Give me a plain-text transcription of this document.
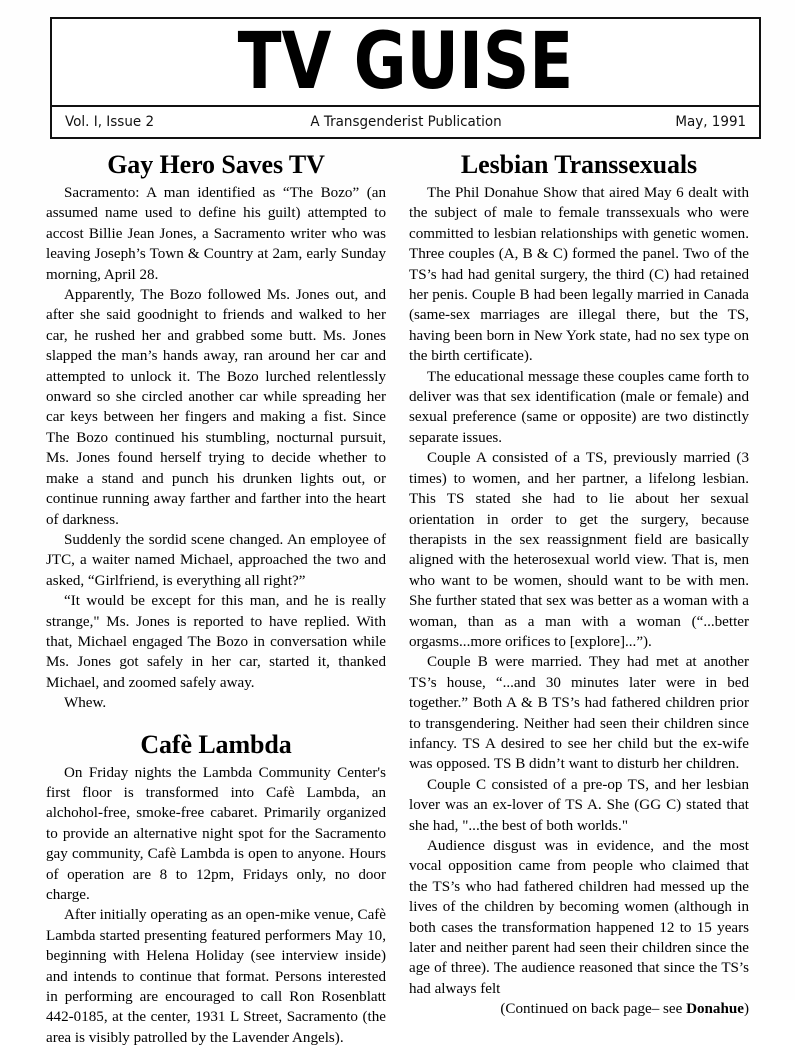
TV GUISE
Vol. I, Issue 2	A Transgenderist Publication	May, 1991
Gay Hero Saves TV

Sacramento: A man identified as “The Bozo” (an assumed name used to define his guilt) attempted to accost Billie Jean Jones, a Sacramento writer who was leaving Joseph’s Town & Country at 2am, early Sunday morning, April 28.

Apparently, The Bozo followed Ms. Jones out, and after she said goodnight to friends and walked to her car, he rushed her and grabbed some butt. Ms. Jones slapped the man’s hands away, ran around her car and attempted to unlock it. The Bozo lurched relentlessly onward so she circled another car while spreading her car keys between her fingers and making a fist. Since The Bozo continued his stumbling, nocturnal pursuit, Ms. Jones found herself trying to decide whether to make a stand and punch his drunken lights out, or continue running away farther and farther into the heart of darkness.

Suddenly the sordid scene changed. An employee of JTC, a waiter named Michael, approached the two and asked, “Girlfriend, is everything all right?”

“It would be except for this man, and he is really strange," Ms. Jones is reported to have replied. With that, Michael engaged The Bozo in conversation while Ms. Jones got safely in her car, started it, thanked Michael, and zoomed safely away.

Whew.

Cafè Lambda

On Friday nights the Lambda Community Center's first floor is transformed into Cafè Lambda, an alchohol-free, smoke-free cabaret. Primarily organized to provide an alternative night spot for the Sacramento gay community, Cafè Lambda is open to anyone. Hours of operation are 8 to 12pm, Fridays only, no door charge.

After initially operating as an open-mike venue, Cafè Lambda started presenting featured performers May 10, beginning with Helena Holiday (see interview inside) and intends to continue that format. Persons interested in performing are encouraged to call Ron Rosenblatt 442-0185, at the center, 1931 L Street, Sacramento (the area is visibly patrolled by the Lavender Angels).

Lesbian Transsexuals

The Phil Donahue Show that aired May 6 dealt with the subject of male to female transsexuals who were committed to lesbian relationships with genetic women. Three couples (A, B & C) formed the panel. Two of the TS’s had had genital surgery, the third (C) had retained her penis. Couple B had been legally married in Canada (same-sex marriages are illegal there, but the TS, having been born in New York state, had no sex type on the birth certificate).

The educational message these couples came forth to deliver was that sex identification (male or female) and sexual preference (same or opposite) are two distinctly separate issues.

Couple A consisted of a TS, previously married (3 times) to women, and her partner, a lifelong lesbian. This TS stated she had to lie about her sexual orientation in order to get the surgery, because therapists in the sex reassignment field are basically aligned with the heterosexual world view. That is, men who want to be women, should want to be with men. She further stated that sex was better as a woman with a woman, than as a man with a woman (“...better orgasms...more orifices to [explore]...”).

Couple B were married. They had met at another TS’s house, “...and 30 minutes later were in bed together.” Both A & B TS’s had fathered children prior to transgendering. Neither had seen their children since infancy. TS A desired to see her child but the ex-wife was opposed. TS B didn’t want to disturb her children.

Couple C consisted of a pre-op TS, and her lesbian lover was an ex-lover of TS A. She (GG C) stated that she had, "...the best of both worlds."

Audience disgust was in evidence, and the most vocal opposition came from people who claimed that the TS’s who had fathered children had messed up the lives of the children by becoming women (although in both cases the transformation happened 12 to 15 years later and neither parent had seen their children since the age of three). The audience reasoned that since the TS’s had always felt

(Continued on back page– see Donahue)
